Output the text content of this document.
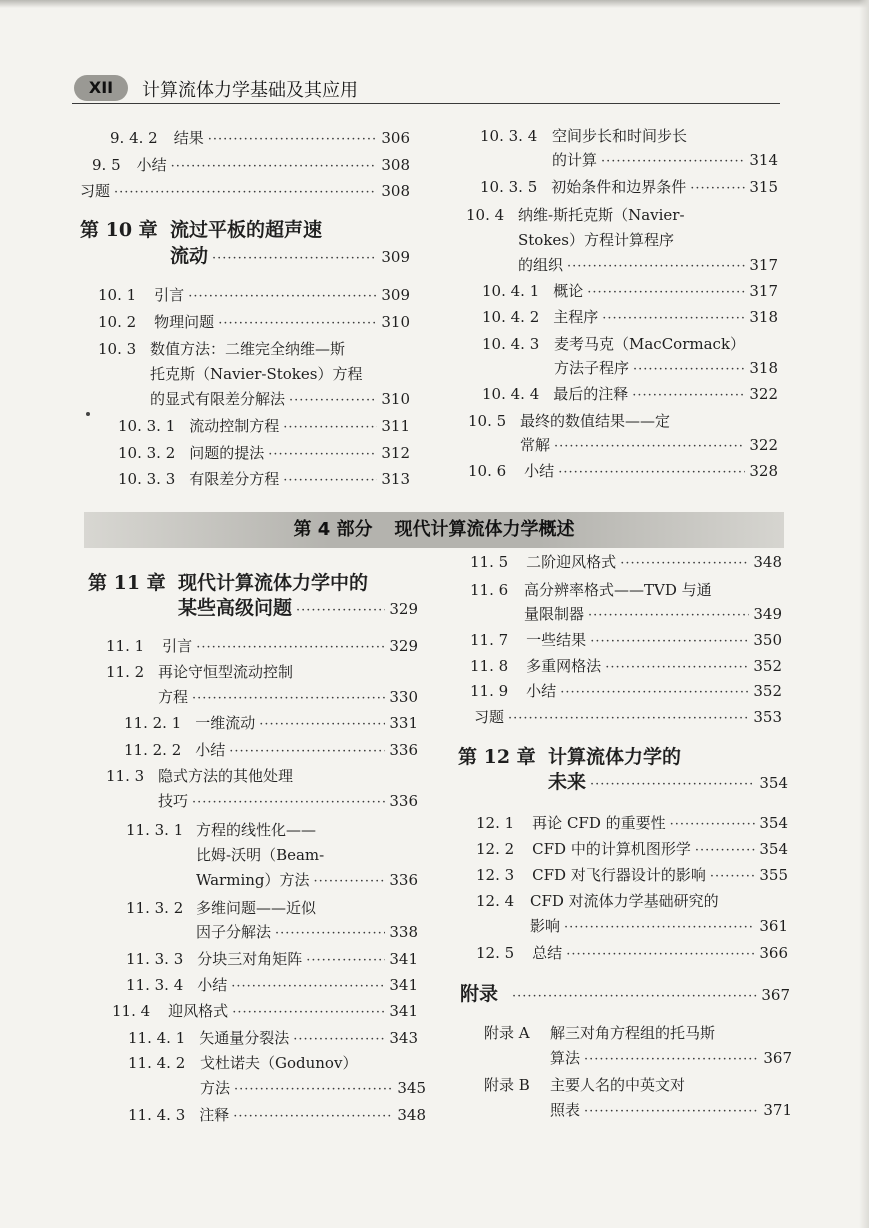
XII	计算流体力学基础及其应用
9. 4. 2 结果 ·····	306
9. 5 小结 ·····	308
习题 ·····	308
第 10 章 流过平板的超声速
流动 ·····	309
10. 1 引言 ·····	309
10. 2 物理问题 ·····	310
10. 3 数值方法：二维完全纳维—斯
托克斯（Navier-Stokes）方程
的显式有限差分解法 ·····	310
10. 3. 1 流动控制方程 ·····	311
10. 3. 2 问题的提法 ·····	312
10. 3. 3 有限差分方程 ·····	313
10. 3. 4 空间步长和时间步长
的计算 ·····	314
10. 3. 5 初始条件和边界条件 ·····	315
10. 4 纳维-斯托克斯（Navier-
Stokes）方程计算程序
的组织 ·····	317
10. 4. 1 概论 ·····	317
10. 4. 2 主程序 ·····	318
10. 4. 3 麦考马克（MacCormack）
方法子程序 ·····	318
10. 4. 4 最后的注释 ·····	322
10. 5 最终的数值结果——定
常解 ·····	322
10. 6 小结 ·····	328
第 4 部分 现代计算流体力学概述
第 11 章 现代计算流体力学中的
某些高级问题 ·····	329
11. 1 引言 ·····	329
11. 2 再论守恒型流动控制
方程 ·····	330
11. 2. 1 一维流动 ·····	331
11. 2. 2 小结 ·····	336
11. 3 隐式方法的其他处理
技巧 ·····	336
11. 3. 1 方程的线性化——
比姆-沃明（Beam-
Warming）方法 ·····	336
11. 3. 2 多维问题——近似
因子分解法 ·····	338
11. 3. 3 分块三对角矩阵 ·····	341
11. 3. 4 小结 ·····	341
11. 4 迎风格式 ·····	341
11. 4. 1 矢通量分裂法 ·····	343
11. 4. 2 戈杜诺夫（Godunov）
方法 ·····	345
11. 4. 3 注释 ·····	348
11. 5 二阶迎风格式 ·····	348
11. 6 高分辨率格式——TVD 与通
量限制器 ·····	349
11. 7 一些结果 ·····	350
11. 8 多重网格法 ·····	352
11. 9 小结 ·····	352
习题 ·····	353
第 12 章 计算流体力学的
未来 ·····	354
12. 1 再论 CFD 的重要性 ·····	354
12. 2 CFD 中的计算机图形学 ·····	354
12. 3 CFD 对飞行器设计的影响 ·····	355
12. 4 CFD 对流体力学基础研究的
影响 ·····	361
12. 5 总结 ·····	366
附录 ·····	367
附录 A 解三对角方程组的托马斯
算法 ·····	367
附录 B 主要人名的中英文对
照表 ·····	371
